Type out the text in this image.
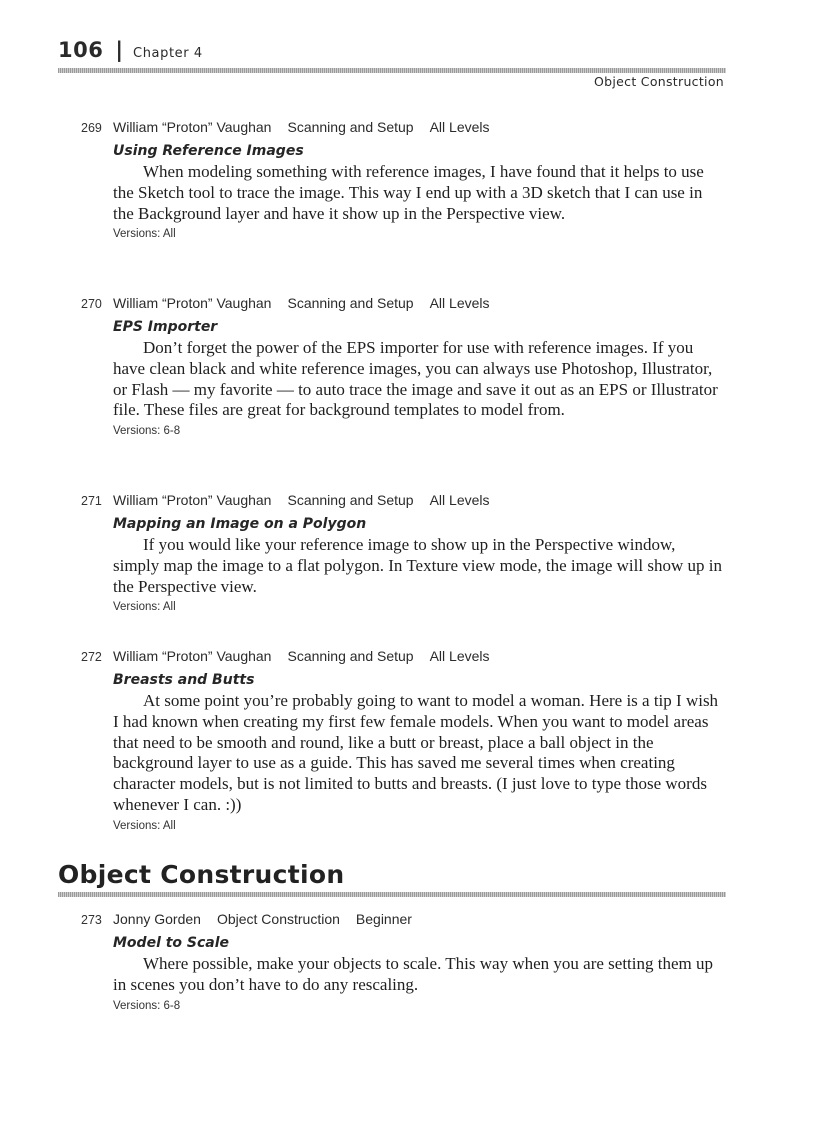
106 | Chapter 4
Object Construction
269 William “Proton” Vaughan Scanning and Setup All Levels
Using Reference Images
When modeling something with reference images, I have found that it helps to use the Sketch tool to trace the image. This way I end up with a 3D sketch that I can use in the Background layer and have it show up in the Perspective view.
Versions: All
270 William “Proton” Vaughan Scanning and Setup All Levels
EPS Importer
Don’t forget the power of the EPS importer for use with reference images. If you have clean black and white reference images, you can always use Photoshop, Illustrator, or Flash — my favorite — to auto trace the image and save it out as an EPS or Illustrator file. These files are great for background templates to model from.
Versions: 6-8
271 William “Proton” Vaughan Scanning and Setup All Levels
Mapping an Image on a Polygon
If you would like your reference image to show up in the Perspective window, simply map the image to a flat polygon. In Texture view mode, the image will show up in the Perspective view.
Versions: All
272 William “Proton” Vaughan Scanning and Setup All Levels
Breasts and Butts
At some point you’re probably going to want to model a woman. Here is a tip I wish I had known when creating my first few female models. When you want to model areas that need to be smooth and round, like a butt or breast, place a ball object in the background layer to use as a guide. This has saved me several times when creating character models, but is not limited to butts and breasts. (I just love to type those words whenever I can. :))
Versions: All
Object Construction
273 Jonny Gorden Object Construction Beginner
Model to Scale
Where possible, make your objects to scale. This way when you are setting them up in scenes you don’t have to do any rescaling.
Versions: 6-8
